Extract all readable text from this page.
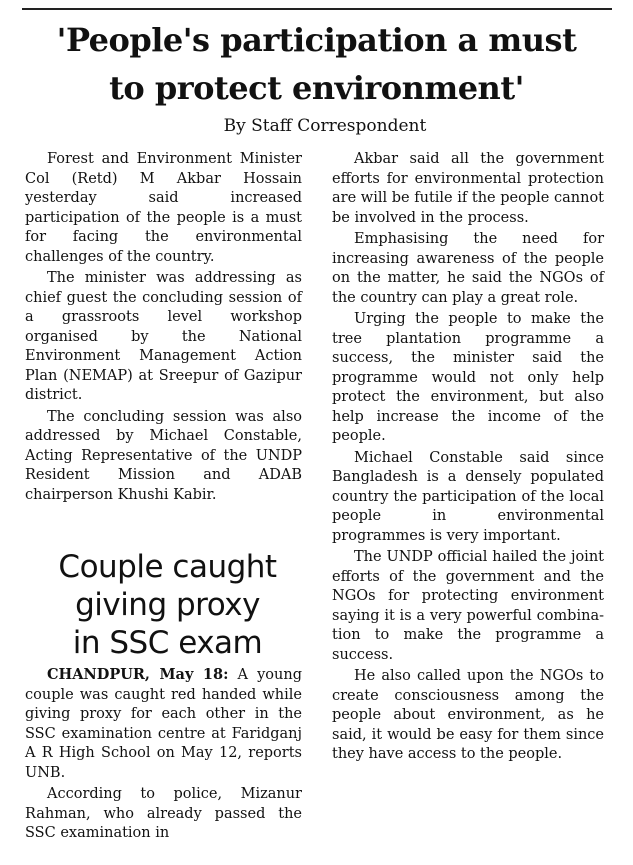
'People's participation a must
to protect environment'
By Staff Correspondent

Forest and Environment Minister Col (Retd) M Akbar Hossain yesterday said increased participation of the people is a must for facing the environmental challenges of the country.

The minister was addressing as chief guest the concluding session of a grassroots level workshop organised by the National Environment Management Action Plan (NEMAP) at Sreepur of Gazipur district.

The concluding session was also addressed by Michael Constable, Acting Representative of the UNDP Resident Mission and ADAB chairperson Khushi Kabir.

Akbar said all the government efforts for environmental protection are will be futile if the people cannot be involved in the process.

Emphasising the need for increasing awareness of the people on the matter, he said the NGOs of the country can play a great role.

Urging the people to make the tree plantation programme a success, the minister said the programme would not only help protect the environment, but also help increase the income of the people.

Michael Constable said since Bangladesh is a densely populated country the participation of the local people in environmental programmes is very important.

The UNDP official hailed the joint efforts of the government and the NGOs for protecting environment saying it is a very powerful combination to make the programme a success.

He also called upon the NGOs to create consciousness among the people about environment, as he said, it would be easy for them since they have access to the people.

Couple caught
giving proxy
in SSC exam

CHANDPUR, May 18: A young couple was caught red handed while giving proxy for each other in the SSC examination centre at Faridganj A R High School on May 12, reports UNB.

According to police, Mizanur Rahman, who already passed the SSC examination in
